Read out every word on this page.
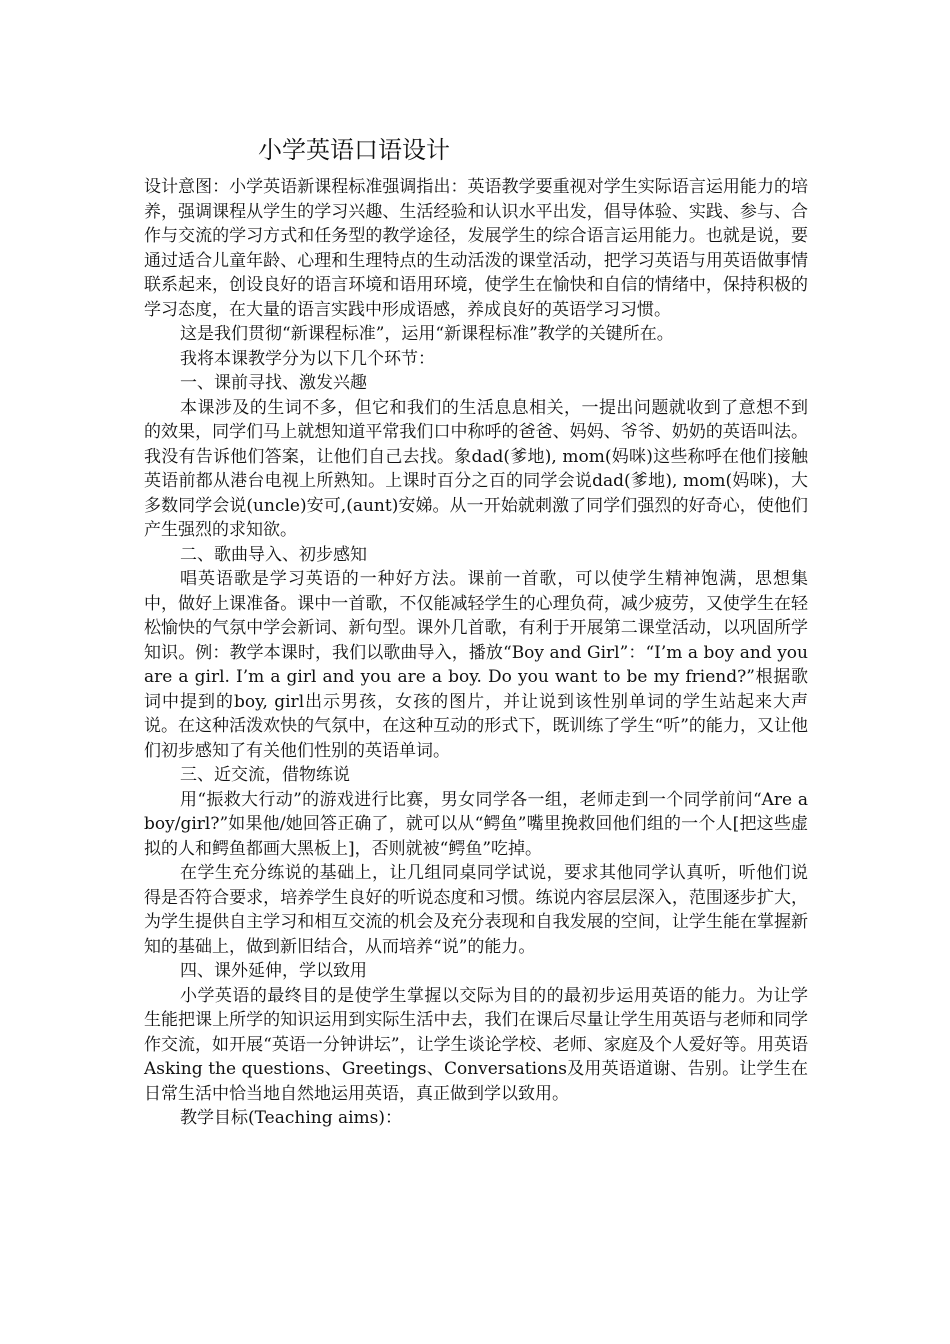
小学英语口语设计

设计意图：小学英语新课程标准强调指出：英语教学要重视对学生实际语言运用能力的培养，强调课程从学生的学习兴趣、生活经验和认识水平出发，倡导体验、实践、参与、合作与交流的学习方式和任务型的教学途径，发展学生的综合语言运用能力。也就是说，要通过适合儿童年龄、心理和生理特点的生动活泼的课堂活动，把学习英语与用英语做事情联系起来，创设良好的语言环境和语用环境，使学生在愉快和自信的情绪中，保持积极的学习态度，在大量的语言实践中形成语感，养成良好的英语学习习惯。

这是我们贯彻“新课程标准”，运用“新课程标准”教学的关键所在。

我将本课教学分为以下几个环节：

一、课前寻找、激发兴趣

本课涉及的生词不多，但它和我们的生活息息相关，一提出问题就收到了意想不到的效果，同学们马上就想知道平常我们口中称呼的爸爸、妈妈、爷爷、奶奶的英语叫法。我没有告诉他们答案，让他们自己去找。象dad(爹地), mom(妈咪)这些称呼在他们接触英语前都从港台电视上所熟知。上课时百分之百的同学会说dad(爹地), mom(妈咪)，大多数同学会说(uncle)安可,(aunt)安娣。从一开始就刺激了同学们强烈的好奇心，使他们产生强烈的求知欲。

二、歌曲导入、初步感知

唱英语歌是学习英语的一种好方法。课前一首歌，可以使学生精神饱满，思想集中，做好上课准备。课中一首歌，不仅能减轻学生的心理负荷，减少疲劳，又使学生在轻松愉快的气氛中学会新词、新句型。课外几首歌，有利于开展第二课堂活动，以巩固所学知识。例：教学本课时，我们以歌曲导入，播放“Boy and Girl”：“I’m a boy and you are a girl. I’m a girl and you are a boy. Do you want to be my friend?”根据歌词中提到的boy, girl出示男孩，女孩的图片，并让说到该性别单词的学生站起来大声说。在这种活泼欢快的气氛中，在这种互动的形式下，既训练了学生“听”的能力，又让他们初步感知了有关他们性别的英语单词。

三、近交流，借物练说

用“振救大行动”的游戏进行比赛，男女同学各一组，老师走到一个同学前问“Are a boy/girl?”如果他/她回答正确了，就可以从“鳄鱼”嘴里挽救回他们组的一个人[把这些虚拟的人和鳄鱼都画大黑板上]，否则就被“鳄鱼”吃掉。

在学生充分练说的基础上，让几组同桌同学试说，要求其他同学认真听，听他们说得是否符合要求，培养学生良好的听说态度和习惯。练说内容层层深入，范围逐步扩大，为学生提供自主学习和相互交流的机会及充分表现和自我发展的空间，让学生能在掌握新知的基础上，做到新旧结合，从而培养“说”的能力。

四、课外延伸，学以致用

小学英语的最终目的是使学生掌握以交际为目的的最初步运用英语的能力。为让学生能把课上所学的知识运用到实际生活中去，我们在课后尽量让学生用英语与老师和同学作交流，如开展“英语一分钟讲坛”，让学生谈论学校、老师、家庭及个人爱好等。用英语Asking the questions、Greetings、Conversations及用英语道谢、告别。让学生在日常生活中恰当地自然地运用英语，真正做到学以致用。

教学目标(Teaching aims)：
